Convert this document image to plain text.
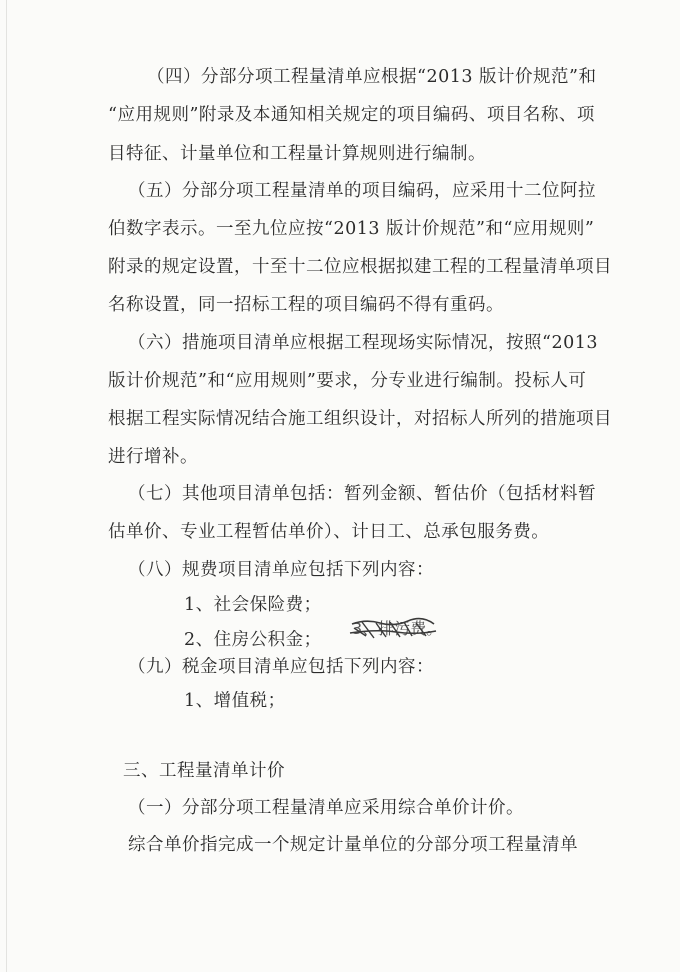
（四）分部分项工程量清单应根据“2013 版计价规范”和
“应用规则”附录及本通知相关规定的项目编码、项目名称、项
目特征、计量单位和工程量计算规则进行编制。
（五）分部分项工程量清单的项目编码，应采用十二位阿拉
伯数字表示。一至九位应按“2013 版计价规范”和“应用规则”
附录的规定设置，十至十二位应根据拟建工程的工程量清单项目
名称设置，同一招标工程的项目编码不得有重码。
（六）措施项目清单应根据工程现场实际情况，按照“2013
版计价规范”和“应用规则”要求，分专业进行编制。投标人可
根据工程实际情况结合施工组织设计，对招标人所列的措施项目
进行增补。
（七）其他项目清单包括：暂列金额、暂估价（包括材料暂
估单价、专业工程暂估单价）、计日工、总承包服务费。
（八）规费项目清单应包括下列内容：
1、社会保险费；
2、住房公积金；
3、排污费。
（九）税金项目清单应包括下列内容：
1、增值税；
三、工程量清单计价
（一）分部分项工程量清单应采用综合单价计价。
综合单价指完成一个规定计量单位的分部分项工程量清单
